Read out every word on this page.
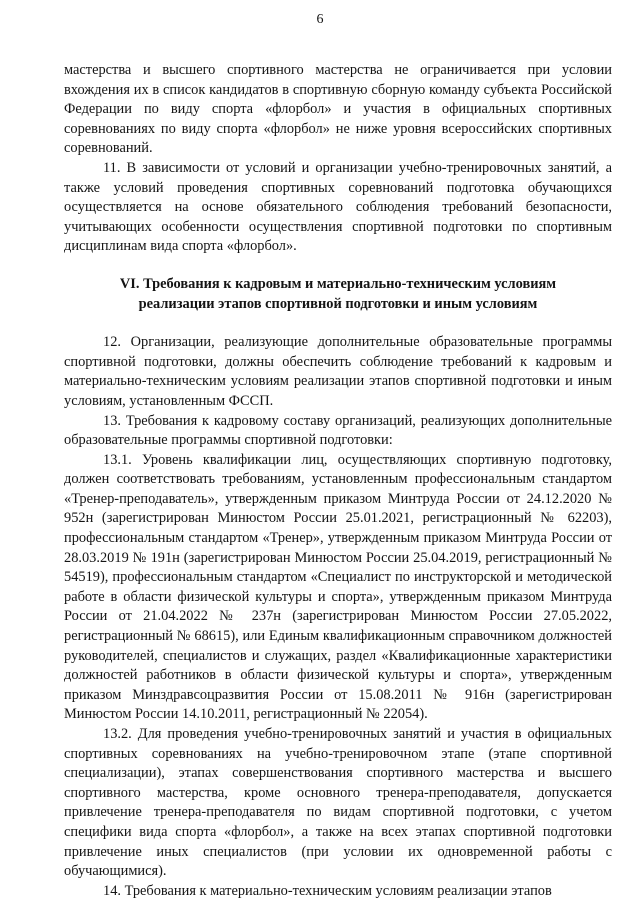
6

мастерства и высшего спортивного мастерства не ограничивается при условии вхождения их в список кандидатов в спортивную сборную команду субъекта Российской Федерации по виду спорта «флорбол» и участия в официальных спортивных соревнованиях по виду спорта «флорбол» не ниже уровня всероссийских спортивных соревнований.

11. В зависимости от условий и организации учебно-тренировочных занятий, а также условий проведения спортивных соревнований подготовка обучающихся осуществляется на основе обязательного соблюдения требований безопасности, учитывающих особенности осуществления спортивной подготовки по спортивным дисциплинам вида спорта «флорбол».

VI. Требования к кадровым и материально-техническим условиям
реализации этапов спортивной подготовки и иным условиям

12. Организации, реализующие дополнительные образовательные программы спортивной подготовки, должны обеспечить соблюдение требований к кадровым и материально-техническим условиям реализации этапов спортивной подготовки и иным условиям, установленным ФССП.

13. Требования к кадровому составу организаций, реализующих дополнительные образовательные программы спортивной подготовки:

13.1. Уровень квалификации лиц, осуществляющих спортивную подготовку, должен соответствовать требованиям, установленным профессиональным стандартом «Тренер-преподаватель», утвержденным приказом Минтруда России от 24.12.2020 № 952н (зарегистрирован Минюстом России 25.01.2021, регистрационный № 62203), профессиональным стандартом «Тренер», утвержденным приказом Минтруда России от 28.03.2019 № 191н (зарегистрирован Минюстом России 25.04.2019, регистрационный № 54519), профессиональным стандартом «Специалист по инструкторской и методической работе в области физической культуры и спорта», утвержденным приказом Минтруда России от 21.04.2022 № 237н (зарегистрирован Минюстом России 27.05.2022, регистрационный № 68615), или Единым квалификационным справочником должностей руководителей, специалистов и служащих, раздел «Квалификационные характеристики должностей работников в области физической культуры и спорта», утвержденным приказом Минздравсоцразвития России от 15.08.2011 № 916н (зарегистрирован Минюстом России 14.10.2011, регистрационный № 22054).

13.2. Для проведения учебно-тренировочных занятий и участия в официальных спортивных соревнованиях на учебно-тренировочном этапе (этапе спортивной специализации), этапах совершенствования спортивного мастерства и высшего спортивного мастерства, кроме основного тренера-преподавателя, допускается привлечение тренера-преподавателя по видам спортивной подготовки, с учетом специфики вида спорта «флорбол», а также на всех этапах спортивной подготовки привлечение иных специалистов (при условии их одновременной работы с обучающимися).

14. Требования к материально-техническим условиям реализации этапов
